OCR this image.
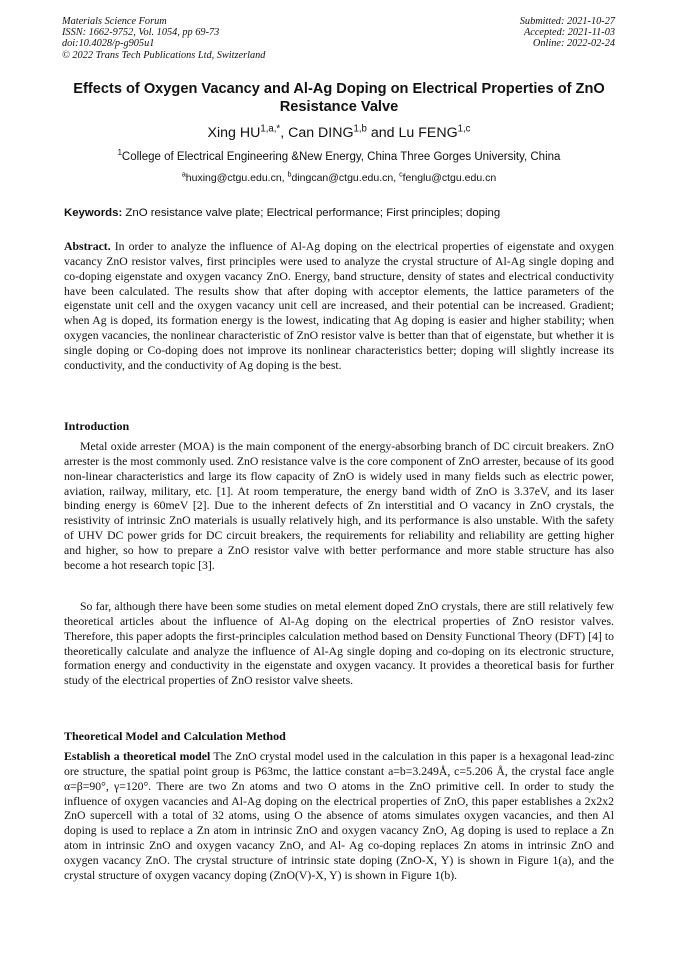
Materials Science Forum
ISSN: 1662-9752, Vol. 1054, pp 69-73
doi:10.4028/p-g905u1
© 2022 Trans Tech Publications Ltd, Switzerland
Submitted: 2021-10-27
Accepted: 2021-11-03
Online: 2022-02-24
Effects of Oxygen Vacancy and Al-Ag Doping on Electrical Properties of ZnO Resistance Valve
Xing $HU^{1,a,*}$, Can DING$^{1,b}$ and Lu FENG$^{1,c}$
$^1$College of Electrical Engineering &New Energy, China Three Gorges University, China
$^a$huxing@ctgu.edu.cn, $^b$dingcan@ctgu.edu.cn, $^c$fenglu@ctgu.edu.cn
Keywords: ZnO resistance valve plate; Electrical performance; First principles; doping

Abstract. In order to analyze the influence of Al-Ag doping on the electrical properties of eigenstate and oxygen vacancy ZnO resistor valves, first principles were used to analyze the crystal structure of Al-Ag single doping and co-doping eigenstate and oxygen vacancy ZnO. Energy, band structure, density of states and electrical conductivity have been calculated. The results show that after doping with acceptor elements, the lattice parameters of the eigenstate unit cell and the oxygen vacancy unit cell are increased, and their potential can be increased. Gradient; when Ag is doped, its formation energy is the lowest, indicating that Ag doping is easier and higher stability; when oxygen vacancies, the nonlinear characteristic of ZnO resistor valve is better than that of eigenstate, but whether it is single doping or Co-doping does not improve its nonlinear characteristics better; doping will slightly increase its conductivity, and the conductivity of Ag doping is the best.

Introduction

Metal oxide arrester (MOA) is the main component of the energy-absorbing branch of DC circuit breakers. ZnO arrester is the most commonly used. ZnO resistance valve is the core component of ZnO arrester, because of its good non-linear characteristics and large its flow capacity of ZnO is widely used in many fields such as electric power, aviation, railway, military, etc. [1]. At room temperature, the energy band width of ZnO is 3.37eV, and its laser binding energy is 60meV [2]. Due to the inherent defects of Zn interstitial and O vacancy in ZnO crystals, the resistivity of intrinsic ZnO materials is usually relatively high, and its performance is also unstable. With the safety of UHV DC power grids for DC circuit breakers, the requirements for reliability and reliability are getting higher and higher, so how to prepare a ZnO resistor valve with better performance and more stable structure has also become a hot research topic [3].

So far, although there have been some studies on metal element doped ZnO crystals, there are still relatively few theoretical articles about the influence of Al-Ag doping on the electrical properties of ZnO resistor valves. Therefore, this paper adopts the first-principles calculation method based on Density Functional Theory (DFT) [4] to theoretically calculate and analyze the influence of Al-Ag single doping and co-doping on its electronic structure, formation energy and conductivity in the eigenstate and oxygen vacancy. It provides a theoretical basis for further study of the electrical properties of ZnO resistor valve sheets.

Theoretical Model and Calculation Method

Establish a theoretical model The ZnO crystal model used in the calculation in this paper is a hexagonal lead-zinc ore structure, the spatial point group is P63mc, the lattice constant a=b=3.249Å, c=5.206 Å, the crystal face angle α=β=90°, γ=120°. There are two Zn atoms and two O atoms in the ZnO primitive cell. In order to study the influence of oxygen vacancies and Al-Ag doping on the electrical properties of ZnO, this paper establishes a 2x2x2 ZnO supercell with a total of 32 atoms, using O the absence of atoms simulates oxygen vacancies, and then Al doping is used to replace a Zn atom in intrinsic ZnO and oxygen vacancy ZnO, Ag doping is used to replace a Zn atom in intrinsic ZnO and oxygen vacancy ZnO, and Al- Ag co-doping replaces Zn atoms in intrinsic ZnO and oxygen vacancy ZnO. The crystal structure of intrinsic state doping (ZnO-X, Y) is shown in Figure 1(a), and the crystal structure of oxygen vacancy doping (ZnO(V)-X, Y) is shown in Figure 1(b).
